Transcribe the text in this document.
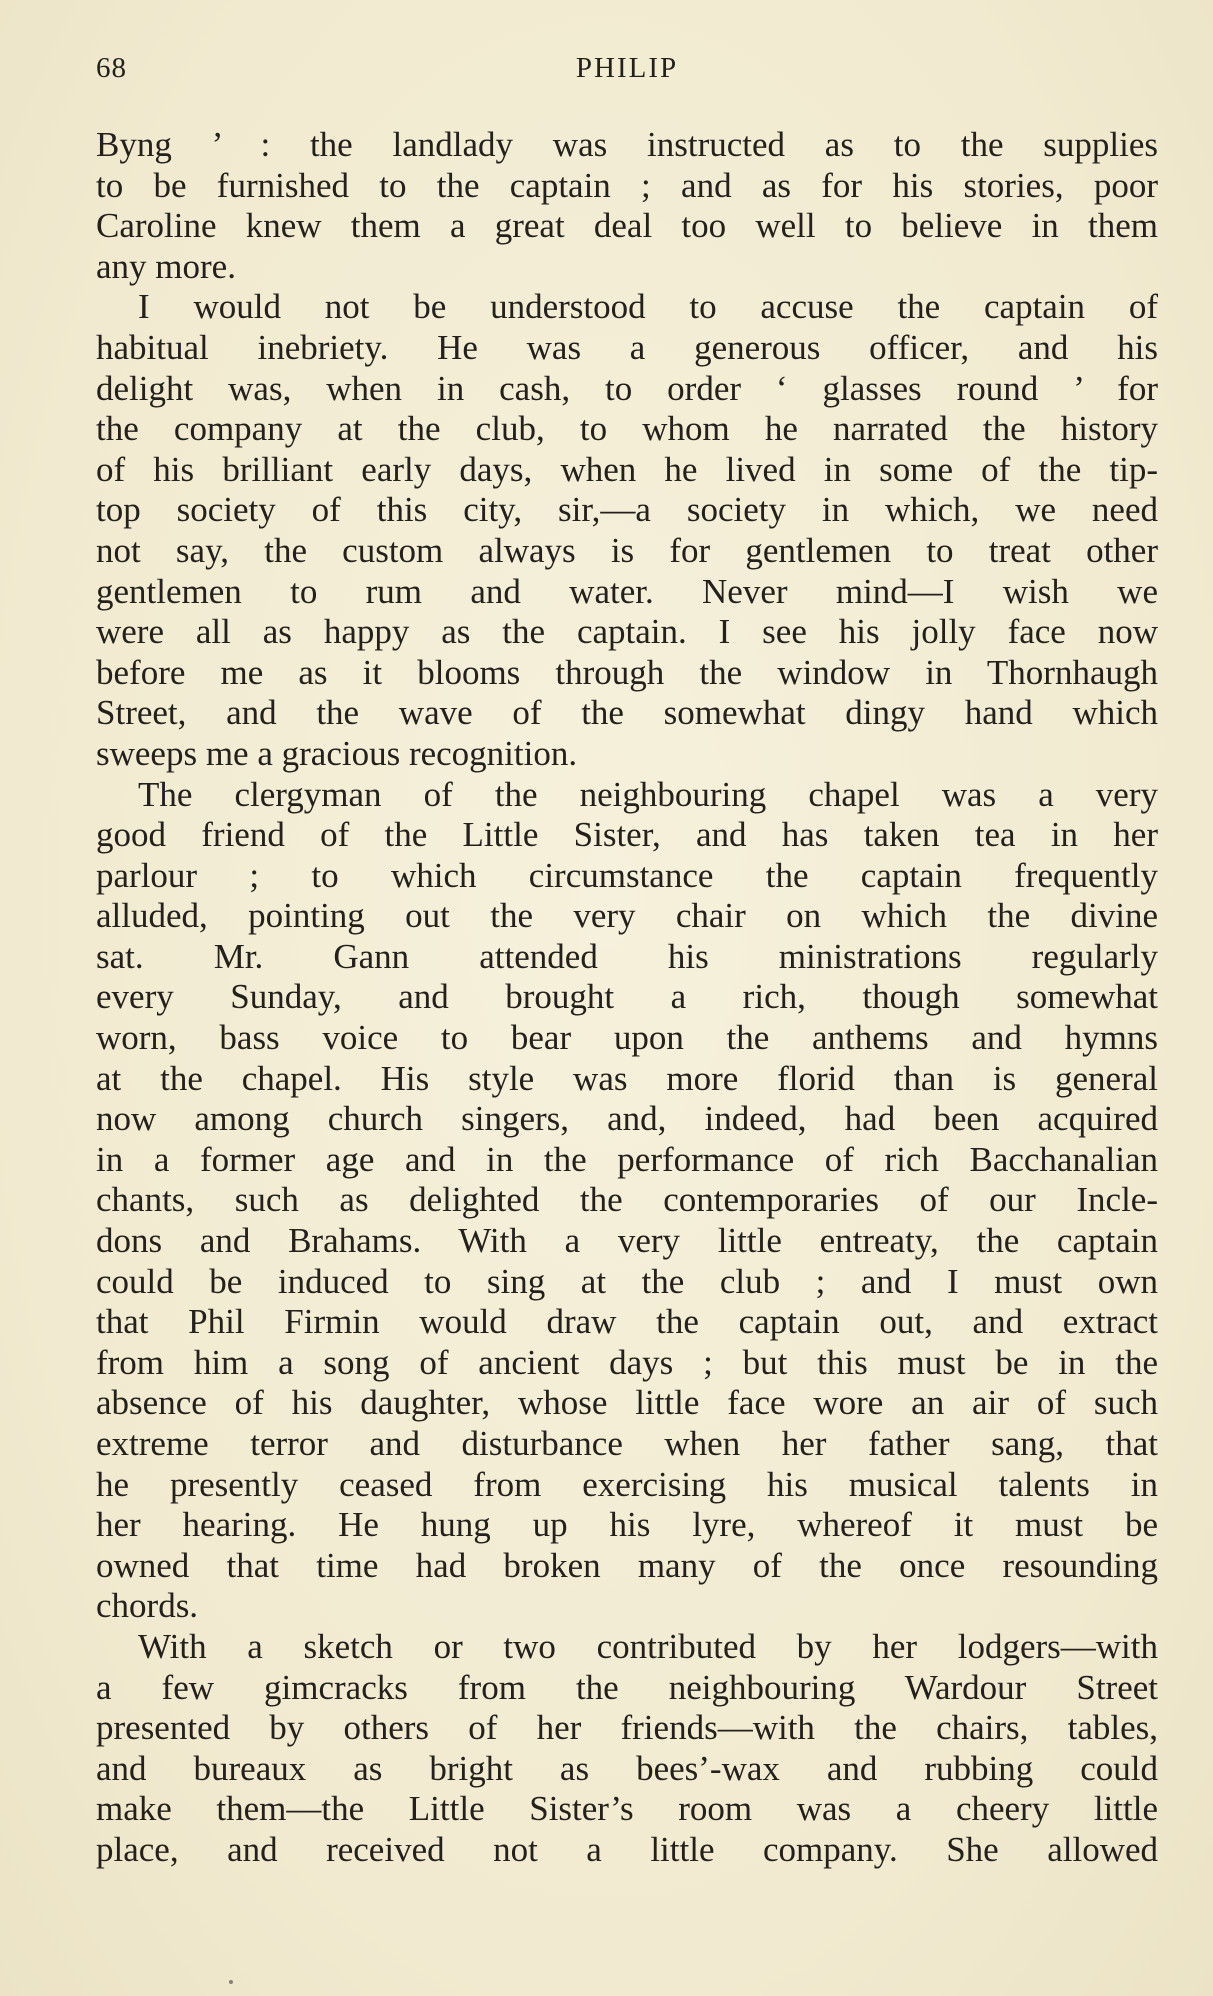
68	PHILIP
Byng ’ : the landlady was instructed as to the supplies
to be furnished to the captain ; and as for his stories, poor
Caroline knew them a great deal too well to believe in them
any more.
I would not be understood to accuse the captain of
habitual inebriety. He was a generous officer, and his
delight was, when in cash, to order ‘ glasses round ’ for
the company at the club, to whom he narrated the history
of his brilliant early days, when he lived in some of the tip-
top society of this city, sir,—a society in which, we need
not say, the custom always is for gentlemen to treat other
gentlemen to rum and water. Never mind—I wish we
were all as happy as the captain. I see his jolly face now
before me as it blooms through the window in Thornhaugh
Street, and the wave of the somewhat dingy hand which
sweeps me a gracious recognition.
The clergyman of the neighbouring chapel was a very
good friend of the Little Sister, and has taken tea in her
parlour ; to which circumstance the captain frequently
alluded, pointing out the very chair on which the divine
sat. Mr. Gann attended his ministrations regularly
every Sunday, and brought a rich, though somewhat
worn, bass voice to bear upon the anthems and hymns
at the chapel. His style was more florid than is general
now among church singers, and, indeed, had been acquired
in a former age and in the performance of rich Bacchanalian
chants, such as delighted the contemporaries of our Incle-
dons and Brahams. With a very little entreaty, the captain
could be induced to sing at the club ; and I must own
that Phil Firmin would draw the captain out, and extract
from him a song of ancient days ; but this must be in the
absence of his daughter, whose little face wore an air of such
extreme terror and disturbance when her father sang, that
he presently ceased from exercising his musical talents in
her hearing. He hung up his lyre, whereof it must be
owned that time had broken many of the once resounding
chords.
With a sketch or two contributed by her lodgers—with
a few gimcracks from the neighbouring Wardour Street
presented by others of her friends—with the chairs, tables,
and bureaux as bright as bees’-wax and rubbing could
make them—the Little Sister’s room was a cheery little
place, and received not a little company. She allowed
